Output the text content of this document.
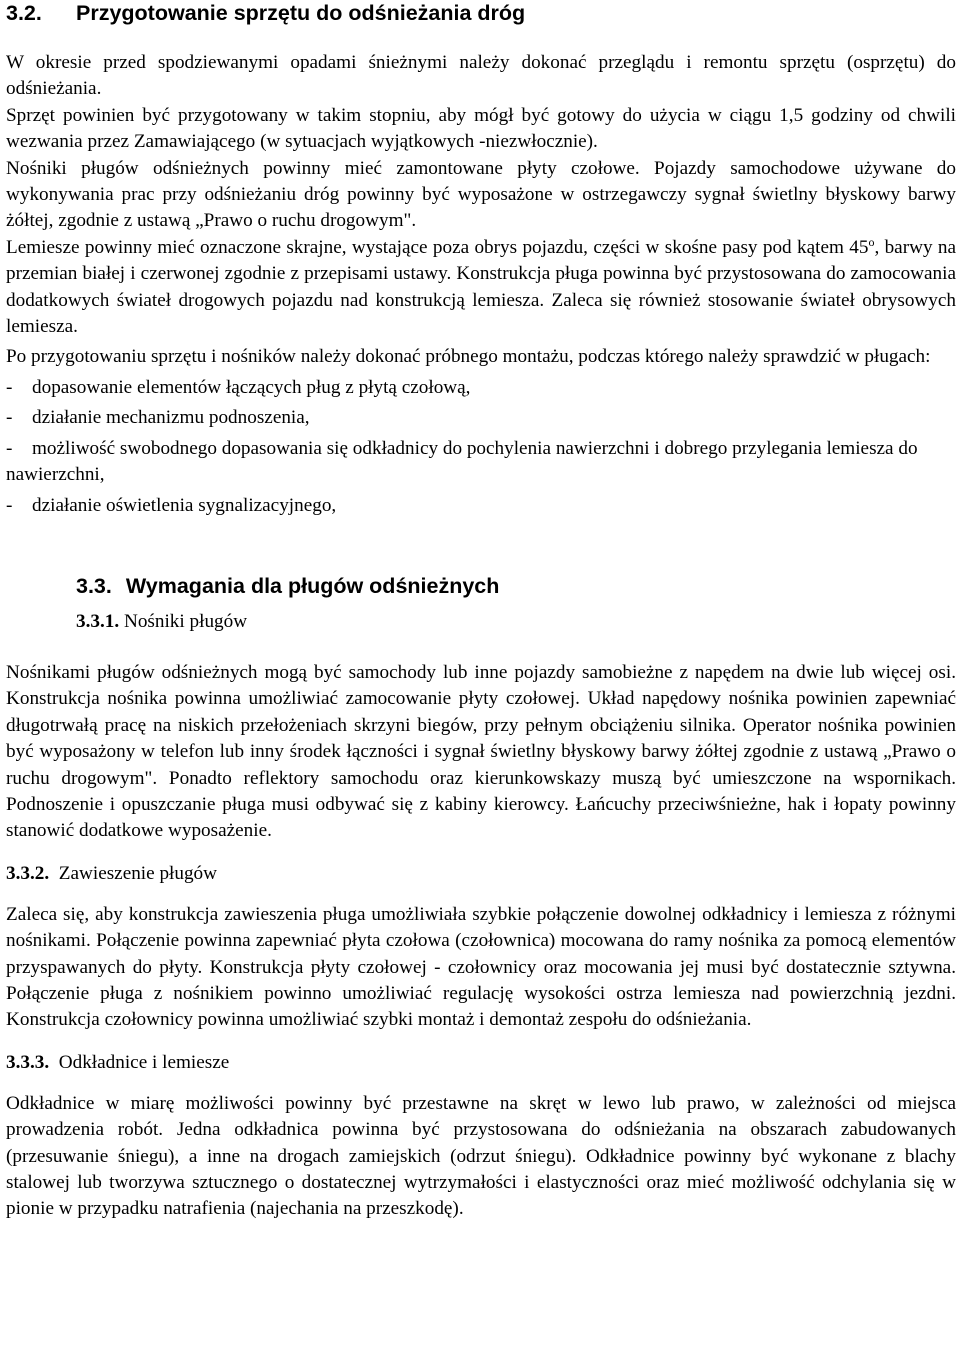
3.2. Przygotowanie sprzętu do odśnieżania dróg

W okresie przed spodziewanymi opadami śnieżnymi należy dokonać przeglądu i remontu sprzętu (osprzętu) do odśnieżania.

Sprzęt powinien być przygotowany w takim stopniu, aby mógł być gotowy do użycia w ciągu 1,5 godziny od chwili wezwania przez Zamawiającego (w sytuacjach wyjątkowych -niezwłocznie).

Nośniki pługów odśnieżnych powinny mieć zamontowane płyty czołowe. Pojazdy samochodowe używane do wykonywania prac przy odśnieżaniu dróg powinny być wyposażone w ostrzegawczy sygnał świetlny błyskowy barwy żółtej, zgodnie z ustawą „Prawo o ruchu drogowym".

Lemiesze powinny mieć oznaczone skrajne, wystające poza obrys pojazdu, części w skośne pasy pod kątem 45$^o$, barwy na przemian białej i czerwonej zgodnie z przepisami ustawy. Konstrukcja pługa powinna być przystosowana do zamocowania dodatkowych świateł drogowych pojazdu nad konstrukcją lemiesza. Zaleca się również stosowanie świateł obrysowych lemiesza.

Po przygotowaniu sprzętu i nośników należy dokonać próbnego montażu, podczas którego należy sprawdzić w pługach:

- dopasowanie elementów łączących pług z płytą czołową,

- działanie mechanizmu podnoszenia,

- możliwość swobodnego dopasowania się odkładnicy do pochylenia nawierzchni i dobrego przylegania lemiesza do nawierzchni,

- działanie oświetlenia sygnalizacyjnego,

3.3. Wymagania dla pługów odśnieżnych
3.3.1. Nośniki pługów

Nośnikami pługów odśnieżnych mogą być samochody lub inne pojazdy samobieżne z napędem na dwie lub więcej osi. Konstrukcja nośnika powinna umożliwiać zamocowanie płyty czołowej. Układ napędowy nośnika powinien zapewniać długotrwałą pracę na niskich przełożeniach skrzyni biegów, przy pełnym obciążeniu silnika. Operator nośnika powinien być wyposażony w telefon lub inny środek łączności i sygnał świetlny błyskowy barwy żółtej zgodnie z ustawą „Prawo o ruchu drogowym". Ponadto reflektory samochodu oraz kierunkowskazy muszą być umieszczone na wspornikach. Podnoszenie i opuszczanie pługa musi odbywać się z kabiny kierowcy. Łańcuchy przeciwśnieżne, hak i łopaty powinny stanowić dodatkowe wyposażenie.

3.3.2. Zawieszenie pługów

Zaleca się, aby konstrukcja zawieszenia pługa umożliwiała szybkie połączenie dowolnej odkładnicy i lemiesza z różnymi nośnikami. Połączenie powinna zapewniać płyta czołowa (czołownica) mocowana do ramy nośnika za pomocą elementów przyspawanych do płyty. Konstrukcja płyty czołowej - czołownicy oraz mocowania jej musi być dostatecznie sztywna. Połączenie pługa z nośnikiem powinno umożliwiać regulację wysokości ostrza lemiesza nad powierzchnią jezdni. Konstrukcja czołownicy powinna umożliwiać szybki montaż i demontaż zespołu do odśnieżania.

3.3.3. Odkładnice i lemiesze

Odkładnice w miarę możliwości powinny być przestawne na skręt w lewo lub prawo, w zależności od miejsca prowadzenia robót. Jedna odkładnica powinna być przystosowana do odśnieżania na obszarach zabudowanych (przesuwanie śniegu), a inne na drogach zamiejskich (odrzut śniegu). Odkładnice powinny być wykonane z blachy stalowej lub tworzywa sztucznego o dostatecznej wytrzymałości i elastyczności oraz mieć możliwość odchylania się w pionie w przypadku natrafienia (najechania na przeszkodę).
